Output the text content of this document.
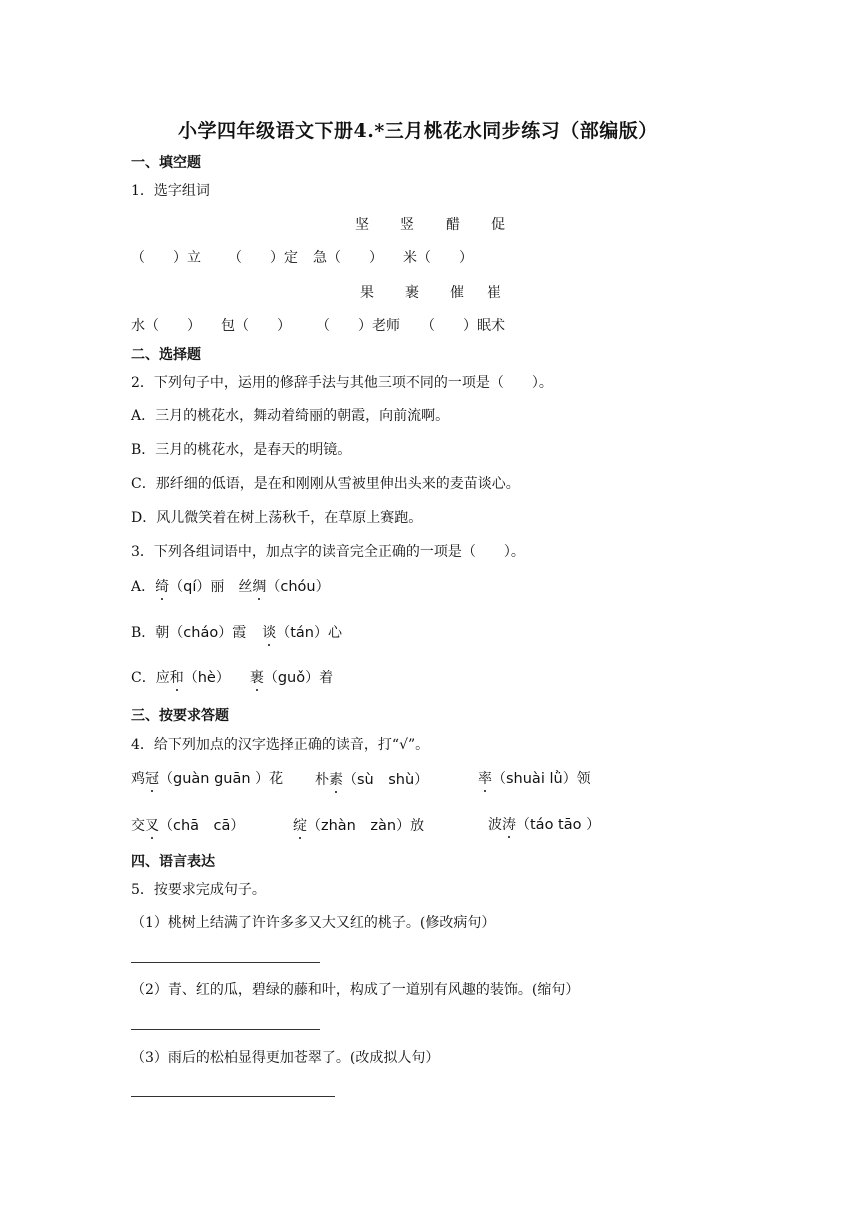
小学四年级语文下册4.*三月桃花水同步练习（部编版）
一、填空题
1．选字组词
坚 竖 醋 促
（　　）立 （　　）定 急（　　） 米（　　）
果 裹 催 崔
水（　　） 包（　　） （　　）老师 （　　）眠术
二、选择题
2．下列句子中，运用的修辞手法与其他三项不同的一项是（　　）。
A．三月的桃花水，舞动着绮丽的朝霞，向前流啊。
B．三月的桃花水，是春天的明镜。
C．那纤细的低语，是在和刚刚从雪被里伸出头来的麦苗谈心。
D．风儿微笑着在树上荡秋千，在草原上赛跑。
3．下列各组词语中，加点字的读音完全正确的一项是（　　）。
A．绮（qí）丽 丝绸（chóu）
B．朝（cháo）霞 谈（tán）心
C．应和（hè） 裹（guǒ）着
三、按要求答题
4．给下列加点的汉字选择正确的读音，打“√”。
鸡冠（guàn guān ）花 朴素（sù　shù）	率（shuài lǜ）领
交叉（chā　cā）	绽（zhàn　zàn）放	波涛（táo tāo ）
四、语言表达
5．按要求完成句子。
（1）桃树上结满了许许多多又大又红的桃子。(修改病句）
（2）青、红的瓜，碧绿的藤和叶，构成了一道别有风趣的装饰。(缩句）
（3）雨后的松柏显得更加苍翠了。(改成拟人句）
